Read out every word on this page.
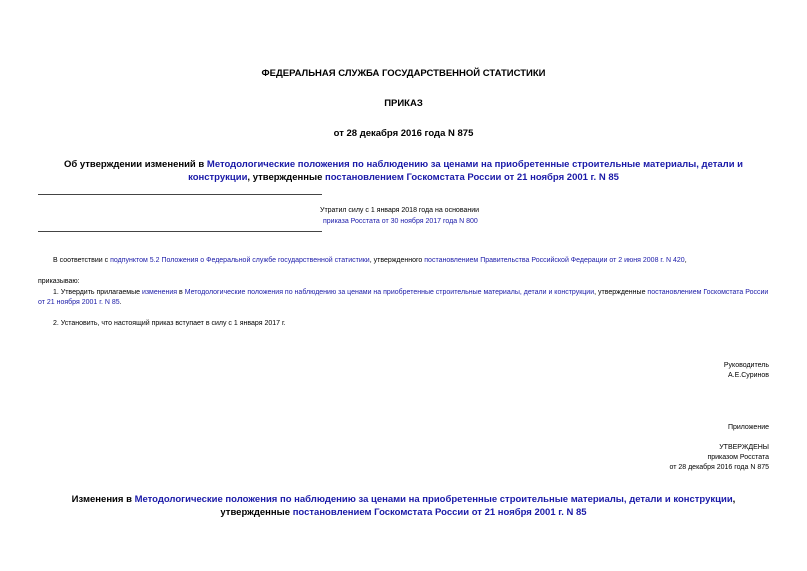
ФЕДЕРАЛЬНАЯ СЛУЖБА ГОСУДАРСТВЕННОЙ СТАТИСТИКИ
ПРИКАЗ
от 28 декабря 2016 года N 875
Об утверждении изменений в Методологические положения по наблюдению за ценами на приобретенные строительные материалы, детали и конструкции, утвержденные постановлением Госкомстата России от 21 ноября 2001 г. N 85
Утратил силу с 1 января 2018 года на основании
приказа Росстата от 30 ноября 2017 года N 800
В соответствии с подпунктом 5.2 Положения о Федеральной службе государственной статистики, утвержденного постановлением Правительства Российской Федерации от 2 июня 2008 г. N 420,
приказываю:
1. Утвердить прилагаемые изменения в Методологические положения по наблюдению за ценами на приобретенные строительные материалы, детали и конструкции, утвержденные постановлением Госкомстата России от 21 ноября 2001 г. N 85.
2. Установить, что настоящий приказ вступает в силу с 1 января 2017 г.
Руководитель
А.Е.Суринов
Приложение
УТВЕРЖДЕНЫ
приказом Росстата
от 28 декабря 2016 года N 875
Изменения в Методологические положения по наблюдению за ценами на приобретенные строительные материалы, детали и конструкции, утвержденные постановлением Госкомстата России от 21 ноября 2001 г. N 85
